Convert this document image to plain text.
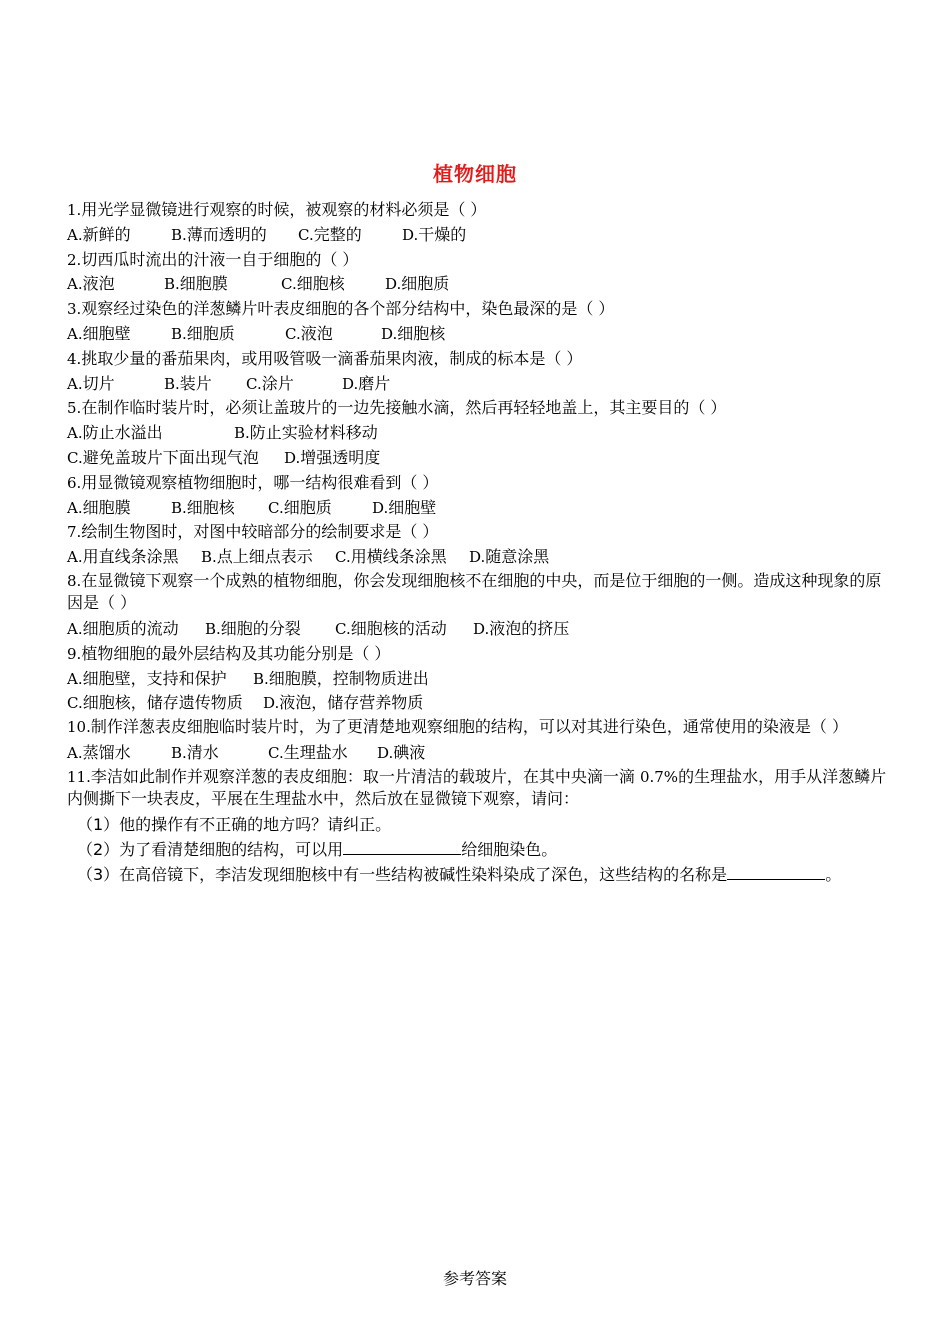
植物细胞
1.用光学显微镜进行观察的时候，被观察的材料必须是（ ）
A.新鲜的	B.薄而透明的 C.完整的	D.干燥的
2.切西瓜时流出的汁液一自于细胞的（ ）
A.液泡	B.细胞膜	C.细胞核	D.细胞质
3.观察经过染色的洋葱鳞片叶表皮细胞的各个部分结构中，染色最深的是（ ）
A.细胞壁	B.细胞质	C.液泡	D.细胞核
4.挑取少量的番茄果肉，或用吸管吸一滴番茄果肉液，制成的标本是（ ）
A.切片	B.装片 C.涂片	D.磨片
5.在制作临时装片时，必须让盖玻片的一边先接触水滴，然后再轻轻地盖上，其主要目的（ ）
A.防止水溢出	B.防止实验材料移动
C.避免盖玻片下面出现气泡 D.增强透明度
6.用显微镜观察植物细胞时，哪一结构很难看到（ ）
A.细胞膜	B.细胞核 C.细胞质	D.细胞壁
7.绘制生物图时，对图中较暗部分的绘制要求是（ ）
A.用直线条涂黑 B.点上细点表示 C.用横线条涂黑 D.随意涂黑
8.在显微镜下观察一个成熟的植物细胞，你会发现细胞核不在细胞的中央，而是位于细胞的一侧。造成这种现象的原因是（ ）
A.细胞质的流动 B.细胞的分裂 C.细胞核的活动 D.液泡的挤压
9.植物细胞的最外层结构及其功能分别是（ ）
A.细胞壁，支持和保护 B.细胞膜，控制物质进出
C.细胞核，储存遗传物质 D.液泡，储存营养物质
10.制作洋葱表皮细胞临时装片时，为了更清楚地观察细胞的结构，可以对其进行染色，通常使用的染液是（ ）
A.蒸馏水	B.清水	C.生理盐水 D.碘液
11.李洁如此制作并观察洋葱的表皮细胞：取一片清洁的载玻片，在其中央滴一滴 0.7%的生理盐水，用手从洋葱鳞片内侧撕下一块表皮，平展在生理盐水中，然后放在显微镜下观察，请问：
（1）他的操作有不正确的地方吗？请纠正。
（2）为了看清楚细胞的结构，可以用	给细胞染色。
（3）在高倍镜下，李洁发现细胞核中有一些结构被碱性染料染成了深色，这些结构的名称是	。
参考答案
